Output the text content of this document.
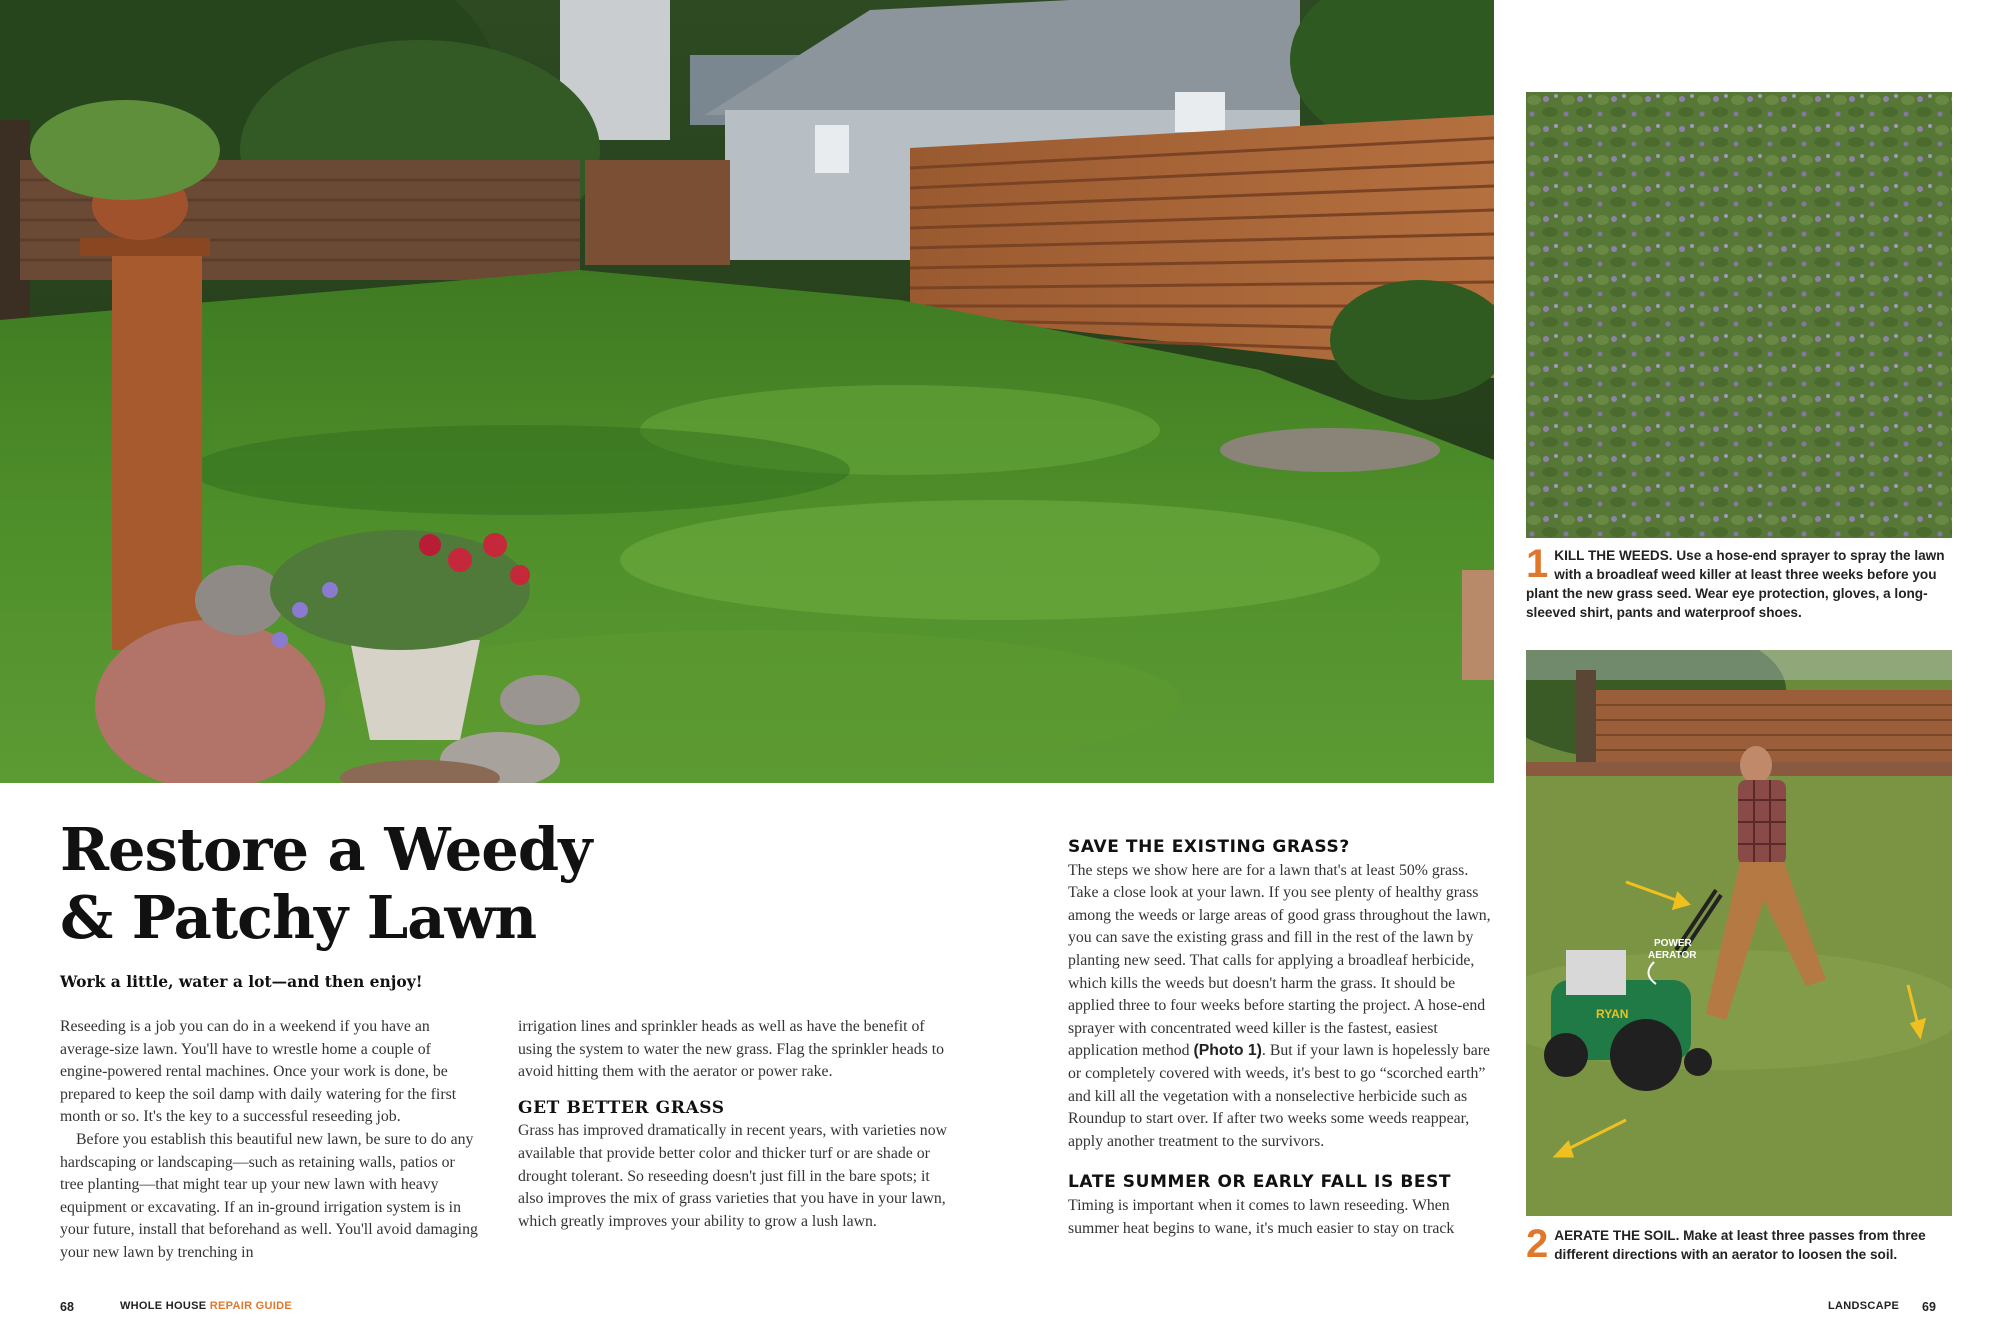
1 KILL THE WEEDS. Use a hose-end sprayer to spray the lawn with a broadleaf weed killer at least three weeks before you plant the new grass seed. Wear eye protection, gloves, a long-sleeved shirt, pants and waterproof shoes.
RYAN
POWER
AERATOR
2 AERATE THE SOIL. Make at least three passes from three different directions with an aerator to loosen the soil.
Restore a Weedy
& Patchy Lawn
Work a little, water a lot—and then enjoy!

Reseeding is a job you can do in a weekend if you have an average-size lawn. You'll have to wrestle home a couple of engine-powered rental machines. Once your work is done, be prepared to keep the soil damp with daily watering for the first month or so. It's the key to a successful reseeding job.

Before you establish this beautiful new lawn, be sure to do any hardscaping or landscaping—such as retaining walls, patios or tree planting—that might tear up your new lawn with heavy equipment or excavating. If an in-ground irrigation system is in your future, install that beforehand as well. You'll avoid damaging your new lawn by trenching in

irrigation lines and sprinkler heads as well as have the benefit of using the system to water the new grass. Flag the sprinkler heads to avoid hitting them with the aerator or power rake.

GET BETTER GRASS

Grass has improved dramatically in recent years, with varieties now available that provide better color and thicker turf or are shade or drought tolerant. So reseeding doesn't just fill in the bare spots; it also improves the mix of grass varieties that you have in your lawn, which greatly improves your ability to grow a lush lawn.

SAVE THE EXISTING GRASS?

The steps we show here are for a lawn that's at least 50% grass. Take a close look at your lawn. If you see plenty of healthy grass among the weeds or large areas of good grass throughout the lawn, you can save the existing grass and fill in the rest of the lawn by planting new seed. That calls for applying a broadleaf herbicide, which kills the weeds but doesn't harm the grass. It should be applied three to four weeks before starting the project. A hose-end sprayer with concentrated weed killer is the fastest, easiest application method (Photo 1). But if your lawn is hopelessly bare or completely covered with weeds, it's best to go “scorched earth” and kill all the vegetation with a nonselective herbicide such as Roundup to start over. If after two weeks some weeds reappear, apply another treatment to the survivors.

LATE SUMMER OR EARLY FALL IS BEST

Timing is important when it comes to lawn reseeding. When summer heat begins to wane, it's much easier to stay on track

68	WHOLE HOUSE REPAIR GUIDE	LANDSCAPE 69
